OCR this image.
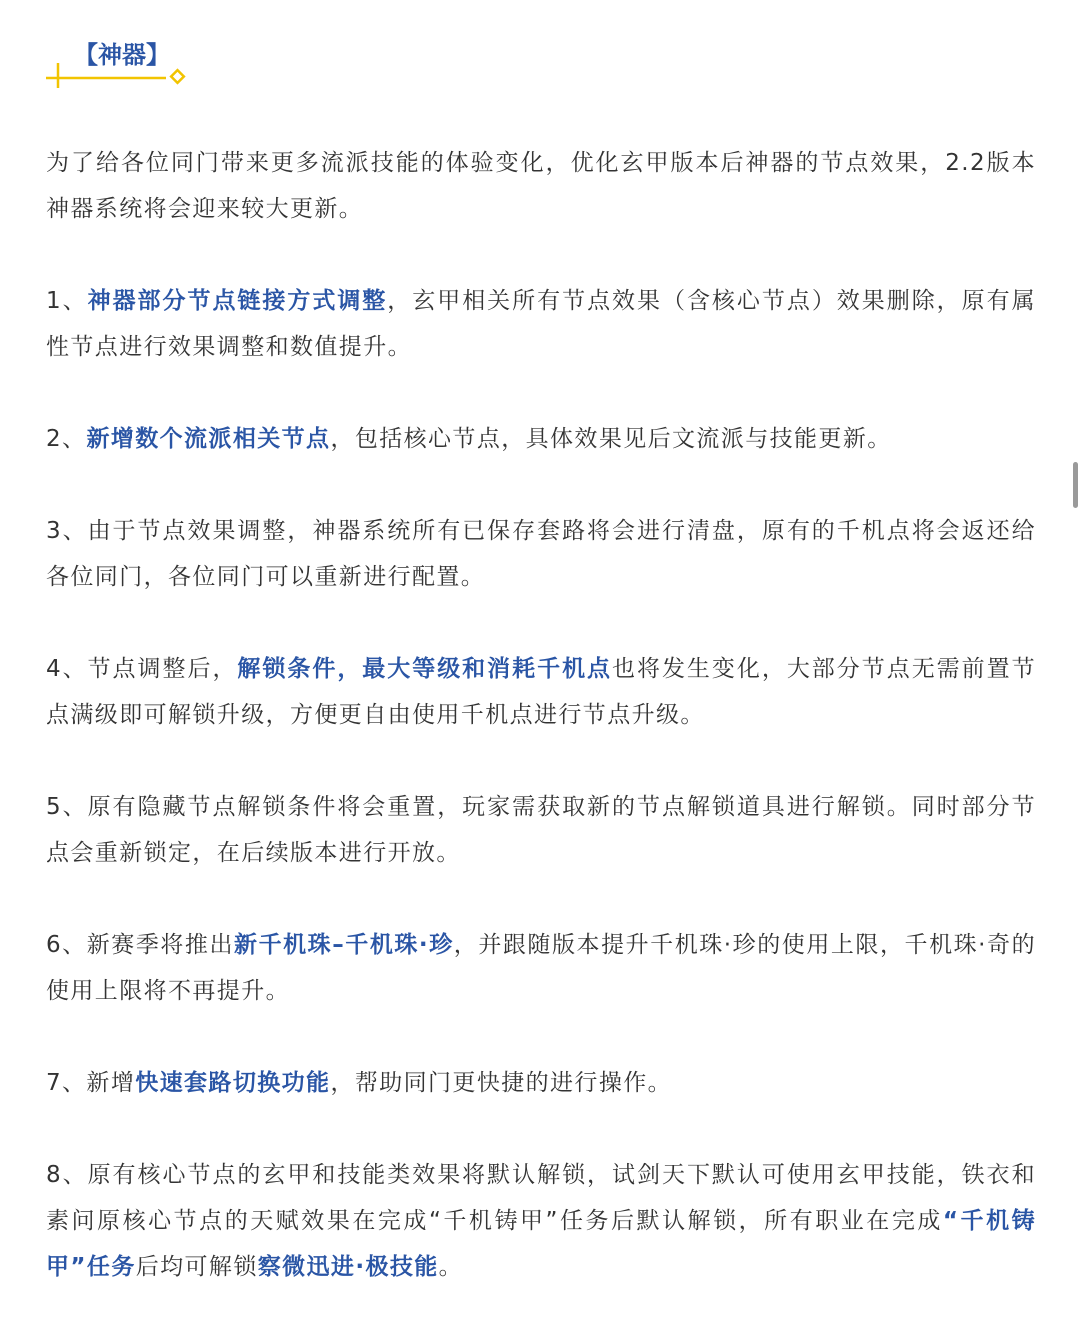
【神器】

为了给各位同门带来更多流派技能的体验变化，优化玄甲版本后神器的节点效果，2.2版本神器系统将会迎来较大更新。

1、神器部分节点链接方式调整，玄甲相关所有节点效果（含核心节点）效果删除，原有属性节点进行效果调整和数值提升。

2、新增数个流派相关节点，包括核心节点，具体效果见后文流派与技能更新。

3、由于节点效果调整，神器系统所有已保存套路将会进行清盘，原有的千机点将会返还给各位同门，各位同门可以重新进行配置。

4、节点调整后，解锁条件，最大等级和消耗千机点也将发生变化，大部分节点无需前置节点满级即可解锁升级，方便更自由使用千机点进行节点升级。

5、原有隐藏节点解锁条件将会重置，玩家需获取新的节点解锁道具进行解锁。同时部分节点会重新锁定，在后续版本进行开放。

6、新赛季将推出新千机珠–千机珠·珍，并跟随版本提升千机珠·珍的使用上限，千机珠·奇的使用上限将不再提升。

7、新增快速套路切换功能，帮助同门更快捷的进行操作。

8、原有核心节点的玄甲和技能类效果将默认解锁，试剑天下默认可使用玄甲技能，铁衣和素问原核心节点的天赋效果在完成“千机铸甲”任务后默认解锁，所有职业在完成“千机铸甲”任务后均可解锁察微迅进·极技能。
